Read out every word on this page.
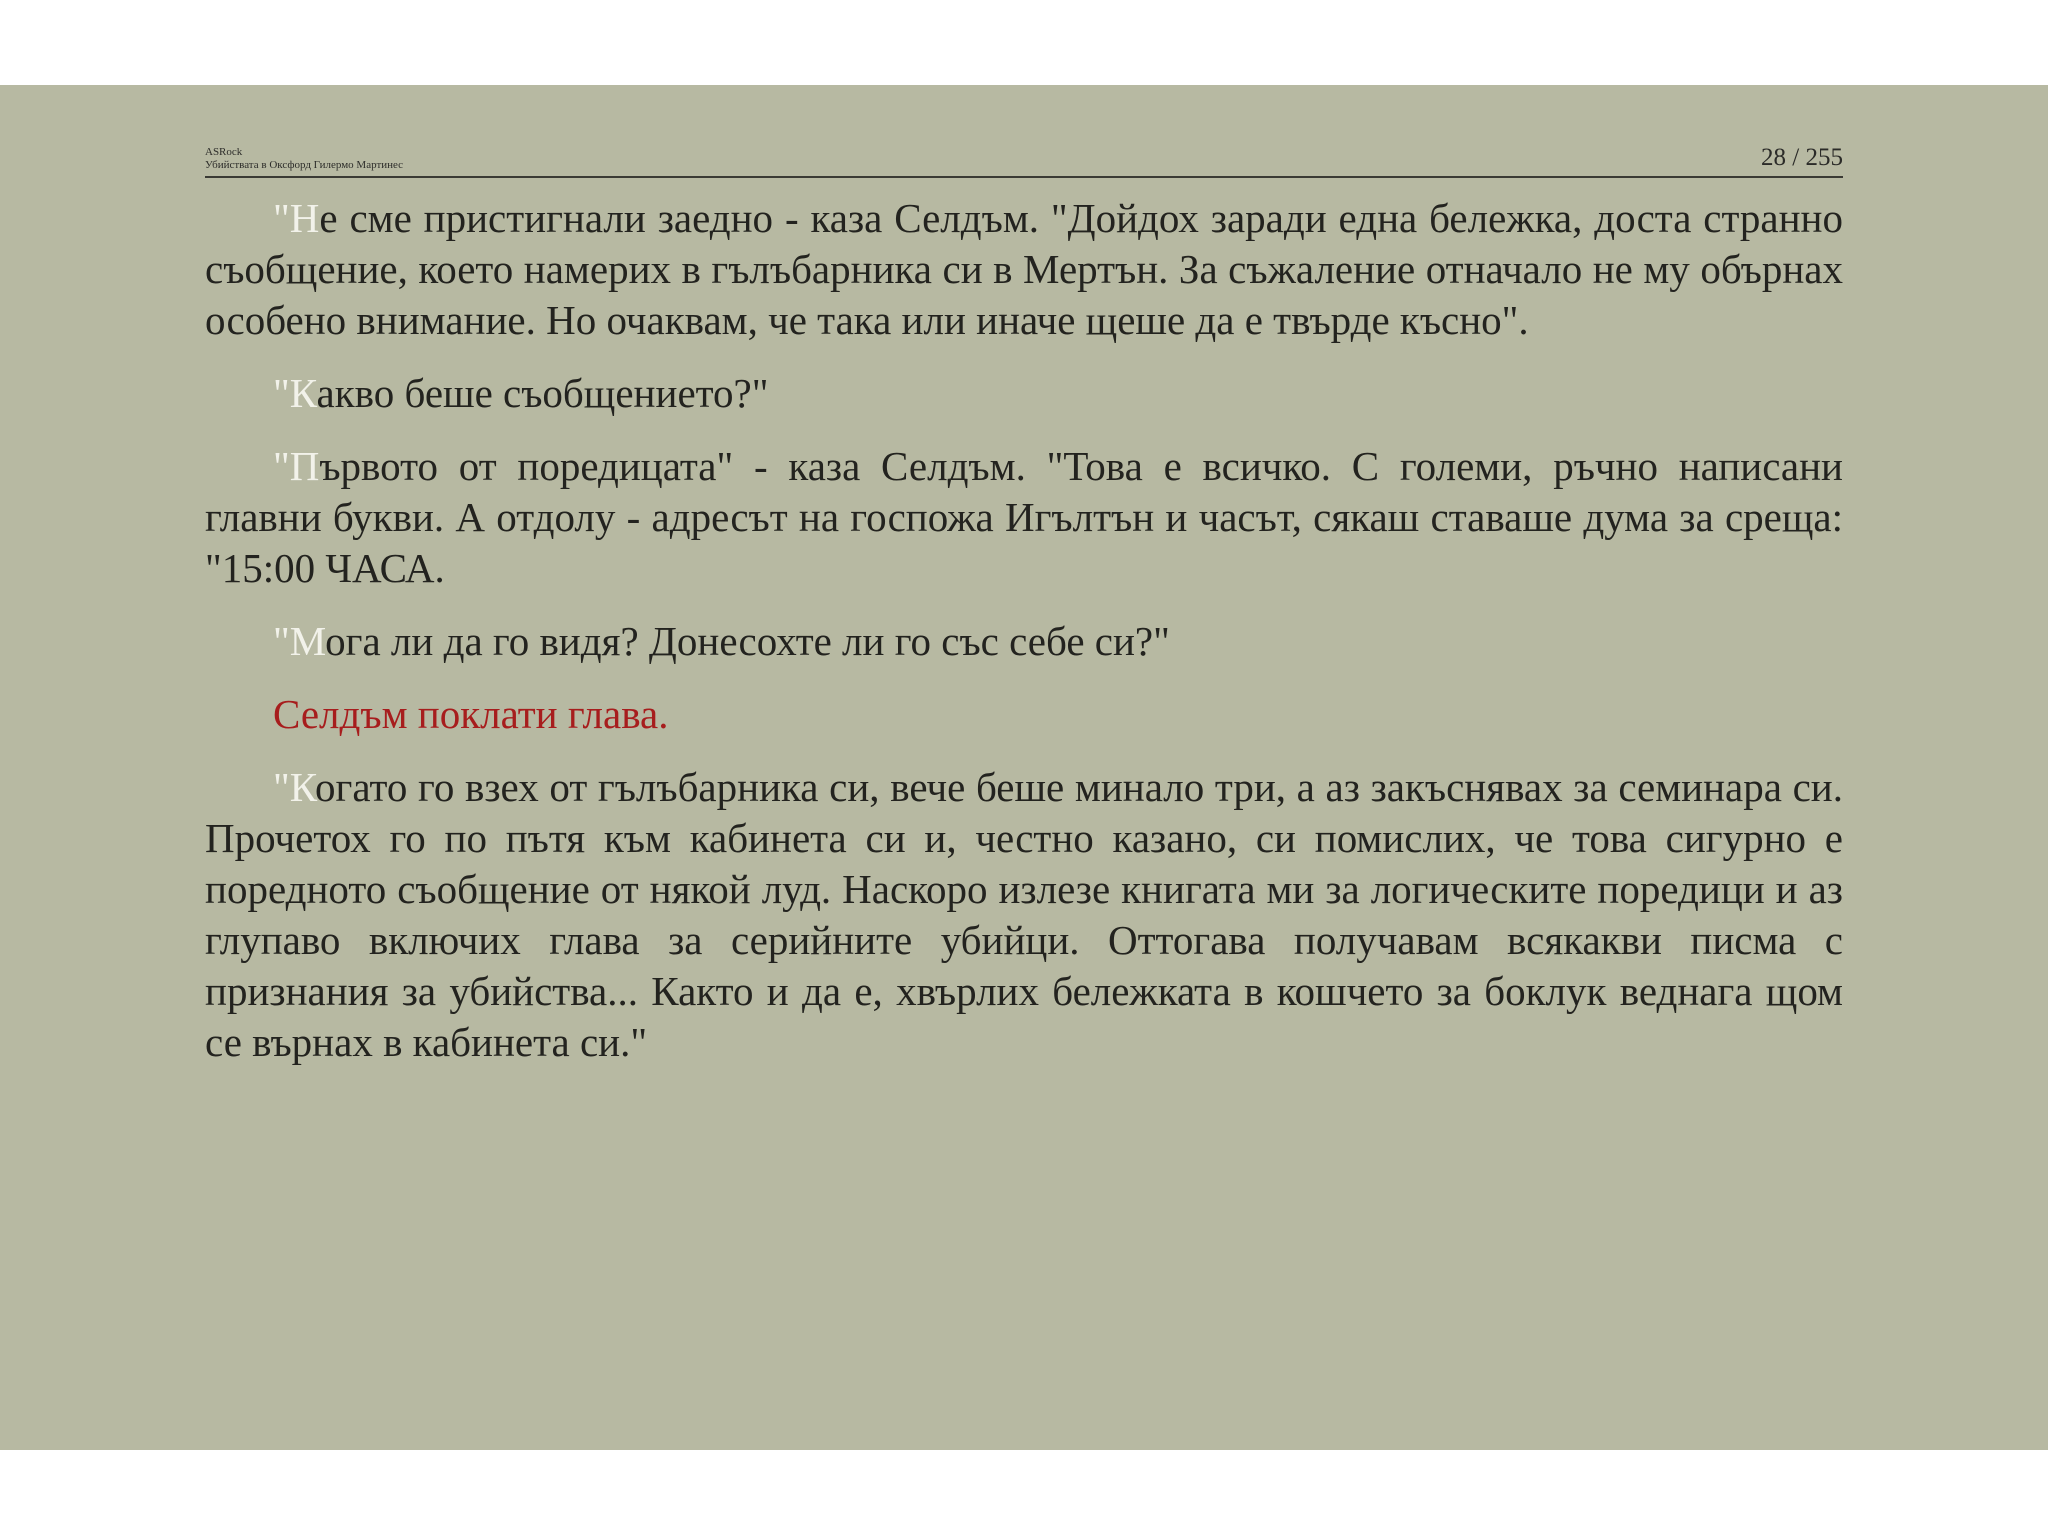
ASRock
Убийствата в Оксфорд Гилермо Мартинес	28 / 255

"Не сме пристигнали заедно - каза Селдъм. "Дойдох заради една бележка, доста странно съобщение, което намерих в гълъбарника си в Мертън. За съжаление отначало не му обърнах особено внимание. Но очаквам, че така или иначе щеше да е твърде късно".

"Какво беше съобщението?"

"Първото от поредицата" - каза Селдъм. "Това е всичко. С големи, ръчно написани главни букви. А отдолу - адресът на госпожа Игълтън и часът, сякаш ставаше дума за среща: "15:00 ЧАСА.

"Мога ли да го видя? Донесохте ли го със себе си?"

Селдъм поклати глава.

"Когато го взех от гълъбарника си, вече беше минало три, а аз закъснявах за семинара си. Прочетох го по пътя към кабинета си и, честно казано, си помислих, че това сигурно е поредното съобщение от някой луд. Наскоро излезе книгата ми за логическите поредици и аз глупаво включих глава за серийните убийци. Оттогава получавам всякакви писма с признания за убийства... Както и да е, хвърлих бележката в кошчето за боклук веднага щом се върнах в кабинета си."
